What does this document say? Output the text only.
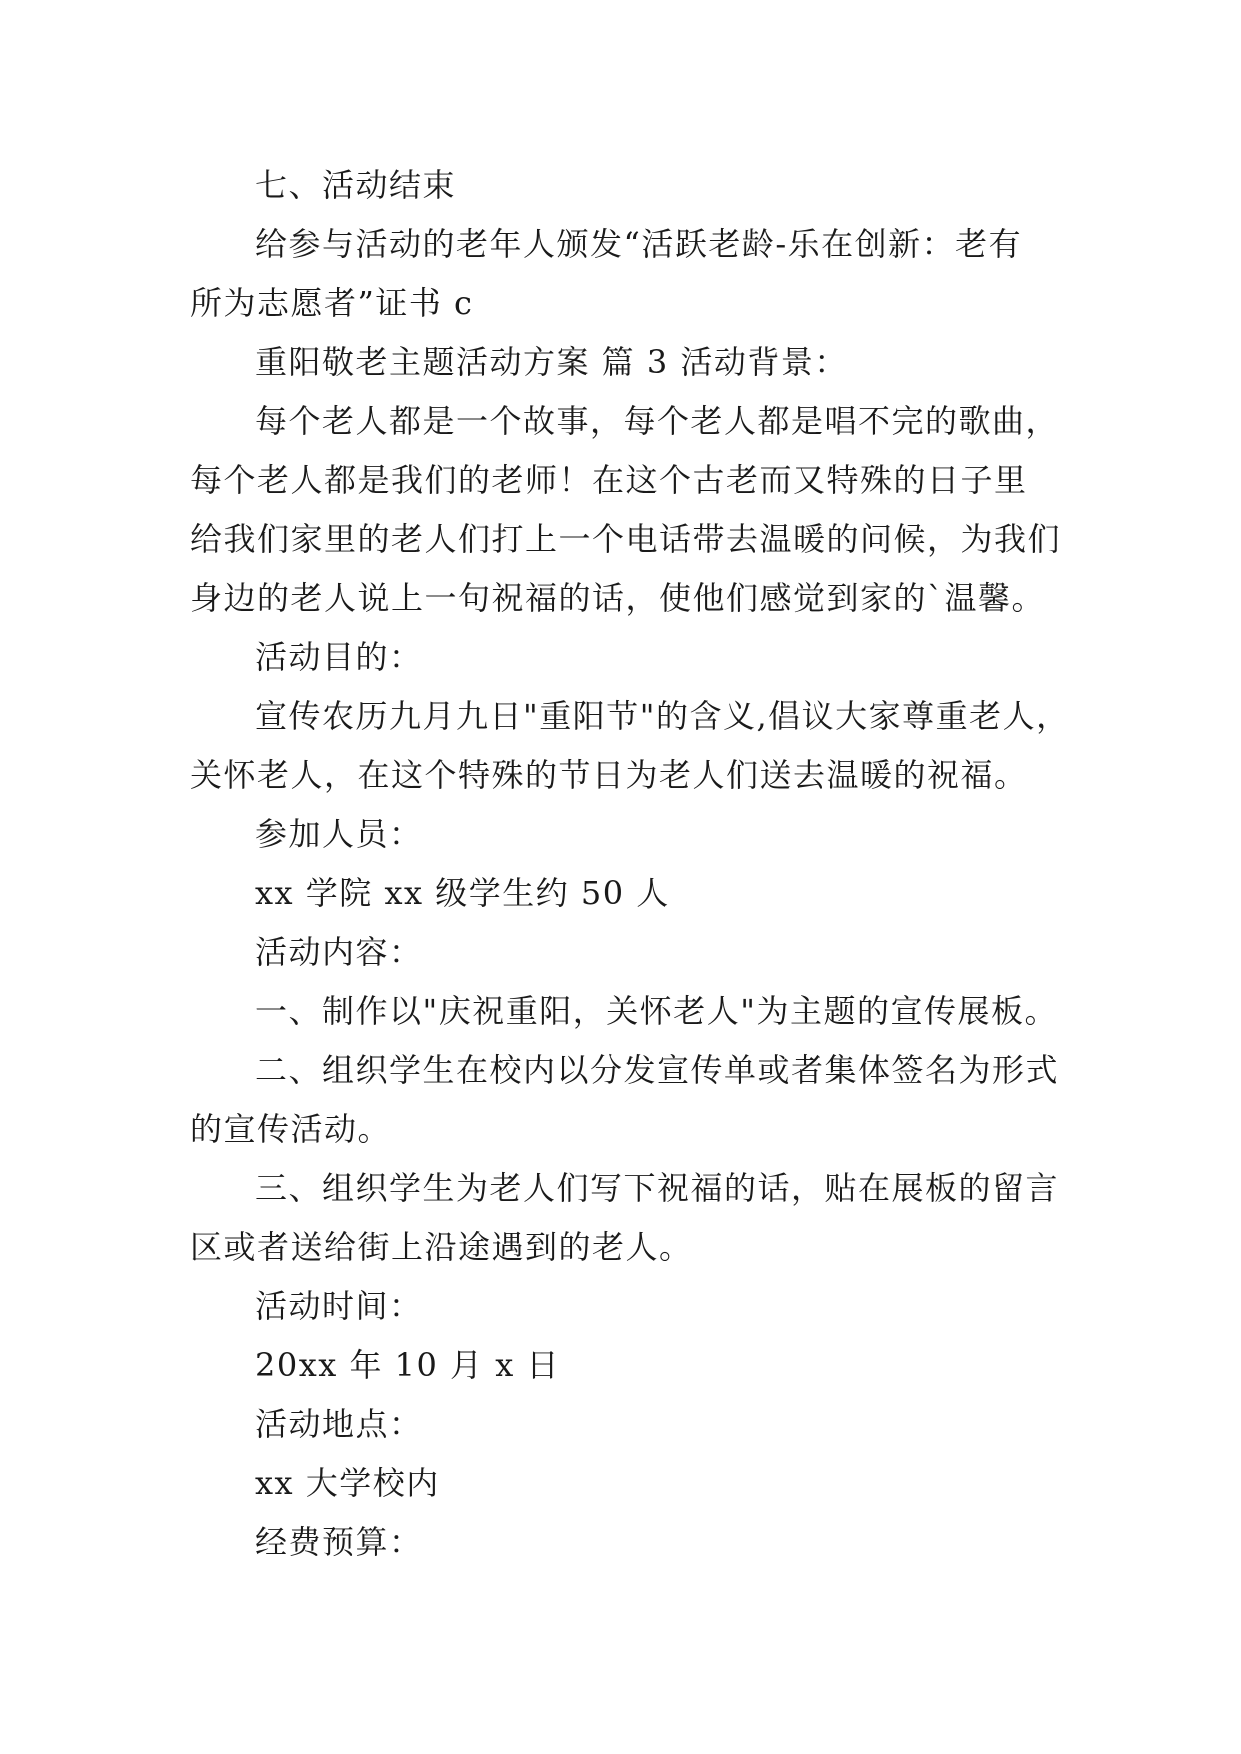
七、活动结束
给参与活动的老年人颁发“活跃老龄-乐在创新：老有
所为志愿者”证书 c
重阳敬老主题活动方案 篇 3 活动背景：
每个老人都是一个故事，每个老人都是唱不完的歌曲，
每个老人都是我们的老师！在这个古老而又特殊的日子里
给我们家里的老人们打上一个电话带去温暖的问候，为我们
身边的老人说上一句祝福的话，使他们感觉到家的`温馨。
活动目的：
宣传农历九月九日"重阳节"的含义,倡议大家尊重老人，
关怀老人，在这个特殊的节日为老人们送去温暖的祝福。
参加人员：
xx 学院 xx 级学生约 50 人
活动内容：
一、制作以"庆祝重阳，关怀老人"为主题的宣传展板。
二、组织学生在校内以分发宣传单或者集体签名为形式
的宣传活动。
三、组织学生为老人们写下祝福的话，贴在展板的留言
区或者送给街上沿途遇到的老人。
活动时间：
20xx 年 10 月 x 日
活动地点：
xx 大学校内
经费预算：
